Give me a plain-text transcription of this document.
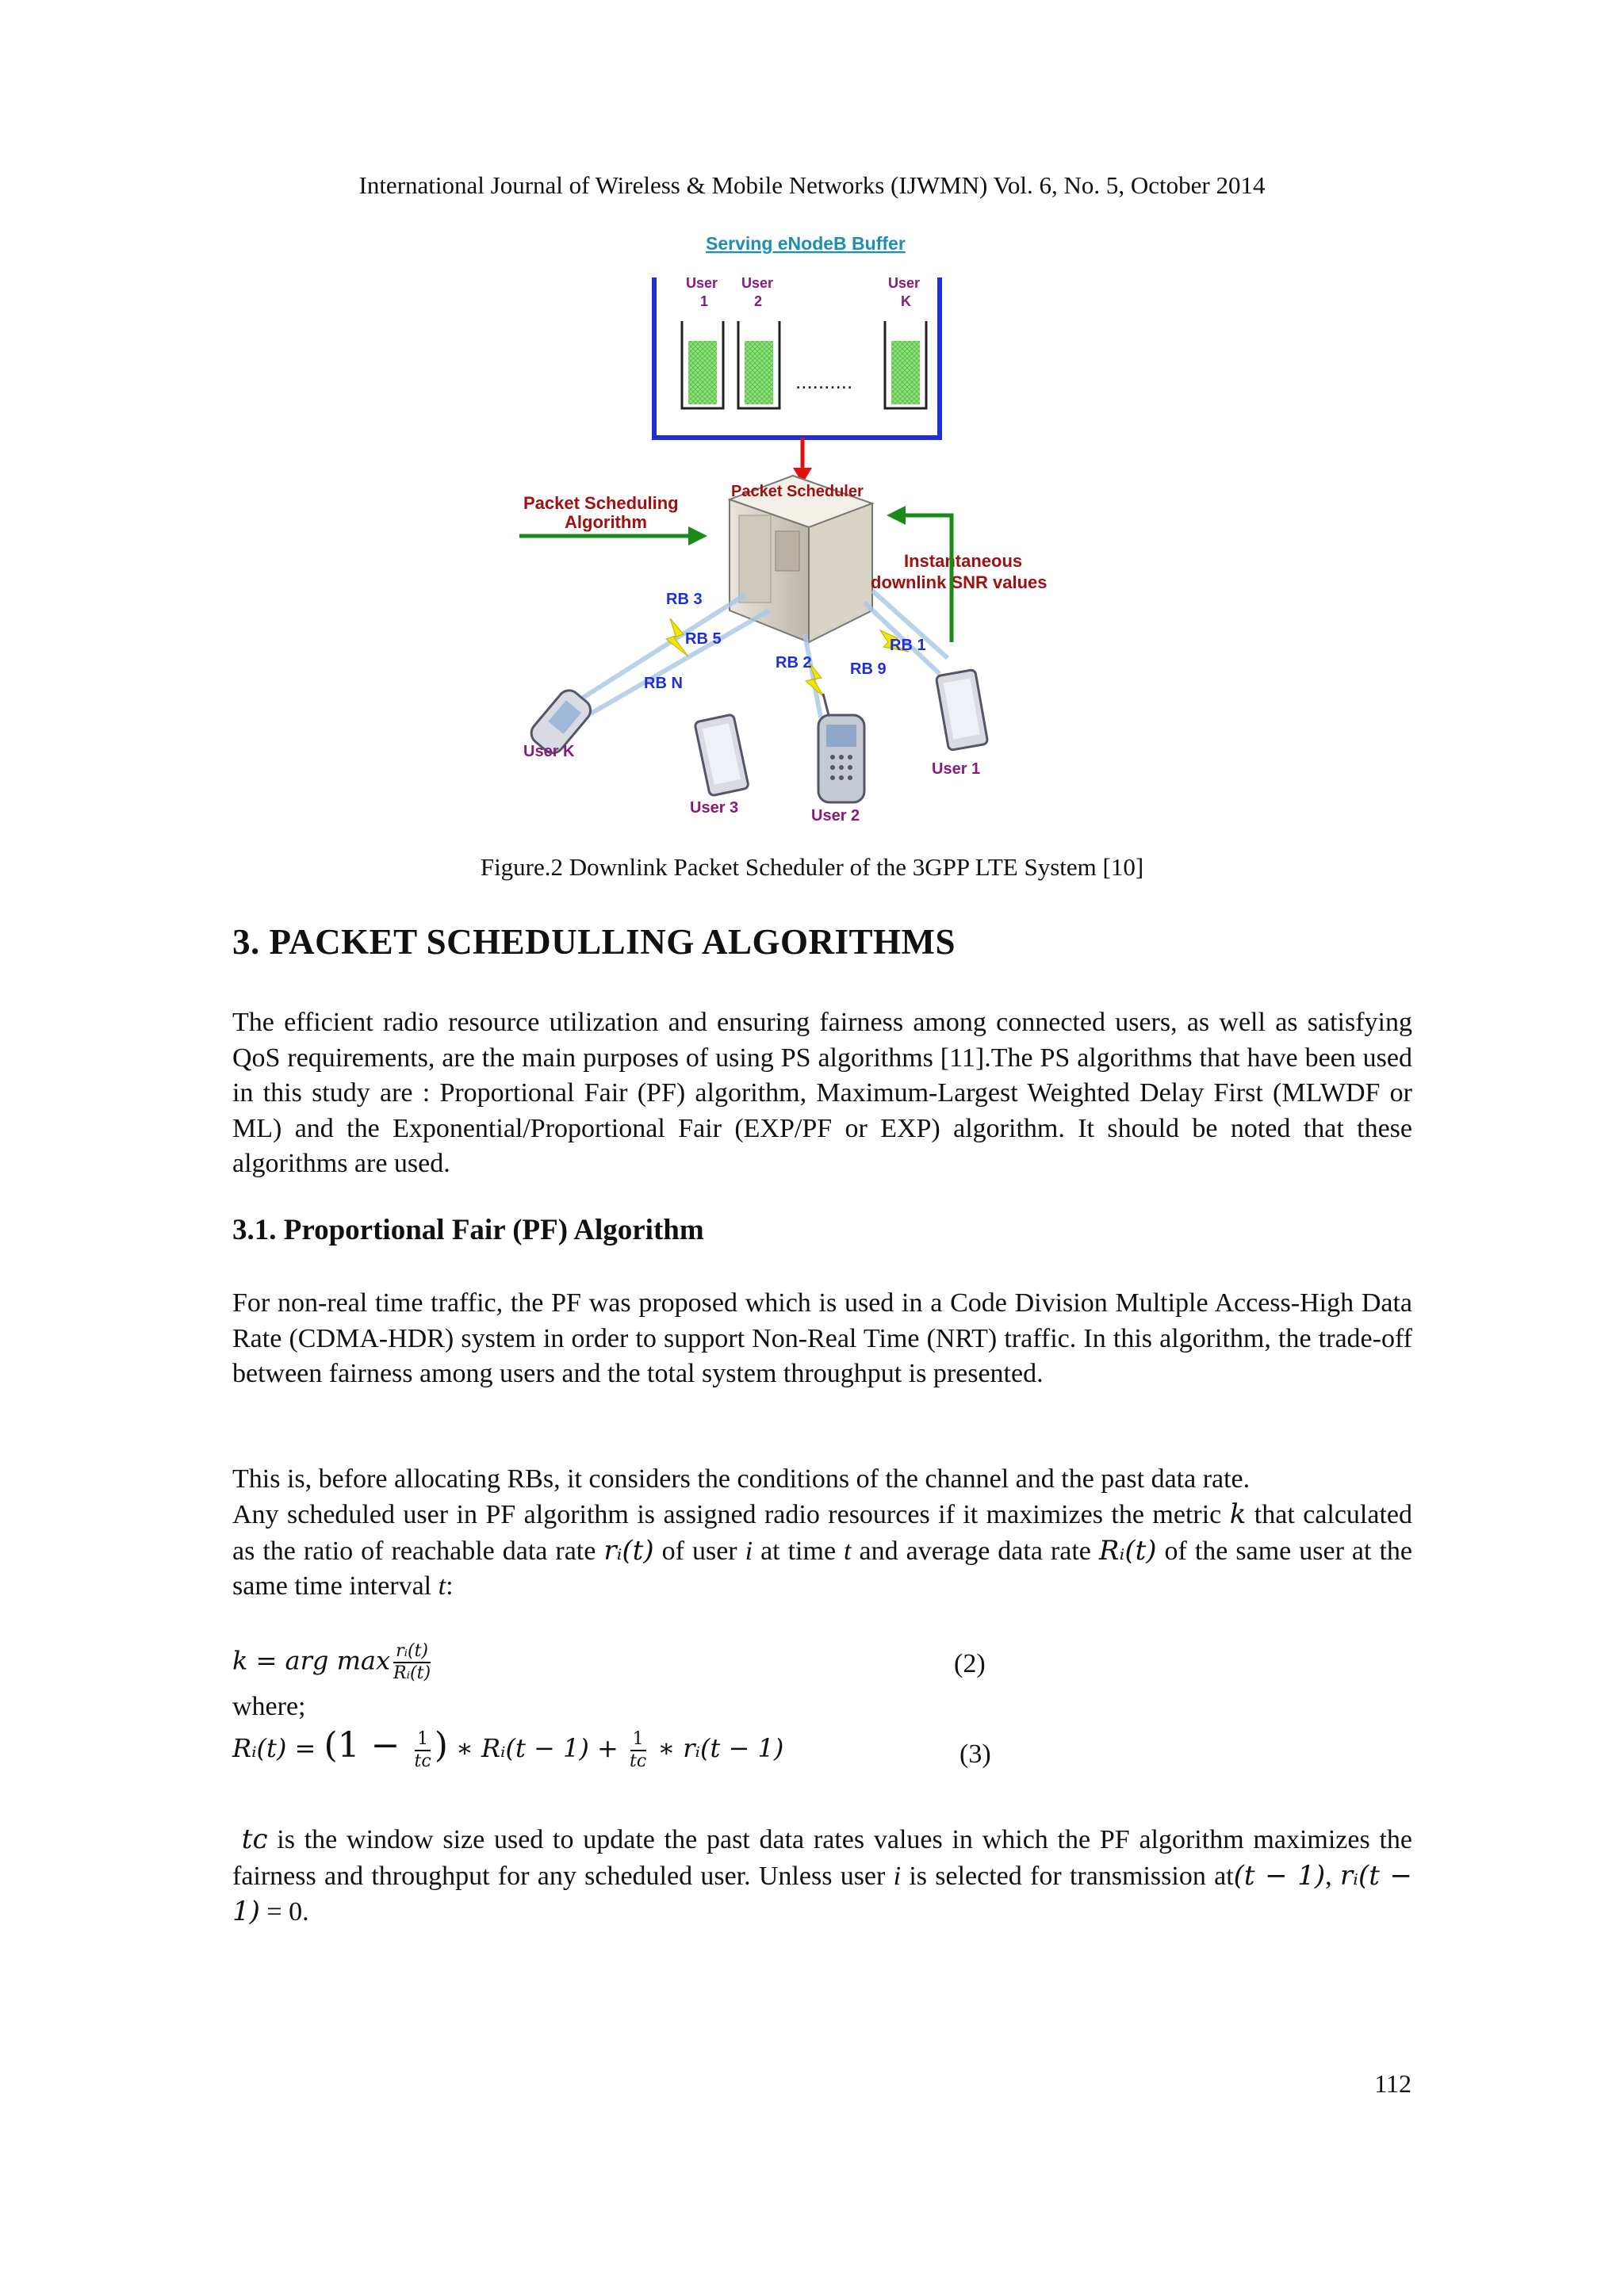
International Journal of Wireless & Mobile Networks (IJWMN) Vol. 6, No. 5, October 2014
Serving eNodeB Buffer
User
1
User
2
User
K
..........
Packet Scheduling
Algorithm
Packet Scheduler
Instantaneous
downlink SNR values
RB 3
RB 5
RB N
RB 2 RB 9
RB 1
User K
User 3	User 2
User 1
Figure.2 Downlink Packet Scheduler of the 3GPP LTE System [10]
3. PACKET SCHEDULLING ALGORITHMS

The efficient radio resource utilization and ensuring fairness among connected users, as well as satisfying QoS requirements, are the main purposes of using PS algorithms [11].The PS algorithms that have been used in this study are : Proportional Fair (PF) algorithm, Maximum-Largest Weighted Delay First (MLWDF or ML) and the Exponential/Proportional Fair (EXP/PF or EXP) algorithm. It should be noted that these algorithms are used.

3.1. Proportional Fair (PF) Algorithm

For non-real time traffic, the PF was proposed which is used in a Code Division Multiple Access-High Data Rate (CDMA-HDR) system in order to support Non-Real Time (NRT) traffic. In this algorithm, the trade-off between fairness among users and the total system throughput is presented.

This is, before allocating RBs, it considers the conditions of the channel and the past data rate.

Any scheduled user in PF algorithm is assigned radio resources if it maximizes the metric k that calculated as the ratio of reachable data rate rᵢ(t) of user i at time t and average data rate Rᵢ(t) of the same user at the same time interval t:

k = arg $\max \frac{\text{rᵢ(t)}}{\text{Rᵢ(t)}}$	(2)
where;
Rᵢ(t) = ($1 - \frac{1}{\text{tᴄ}}$ ) ∗ Rᵢ(t − $1) + \frac{1}{\text{tᴄ}}$ ∗ rᵢ(t − 1)	(3)

tᴄ is the window size used to update the past data rates values in which the PF algorithm maximizes the fairness and throughput for any scheduled user. Unless user i is selected for transmission at(t − 1), rᵢ(t − 1) = 0.

112
